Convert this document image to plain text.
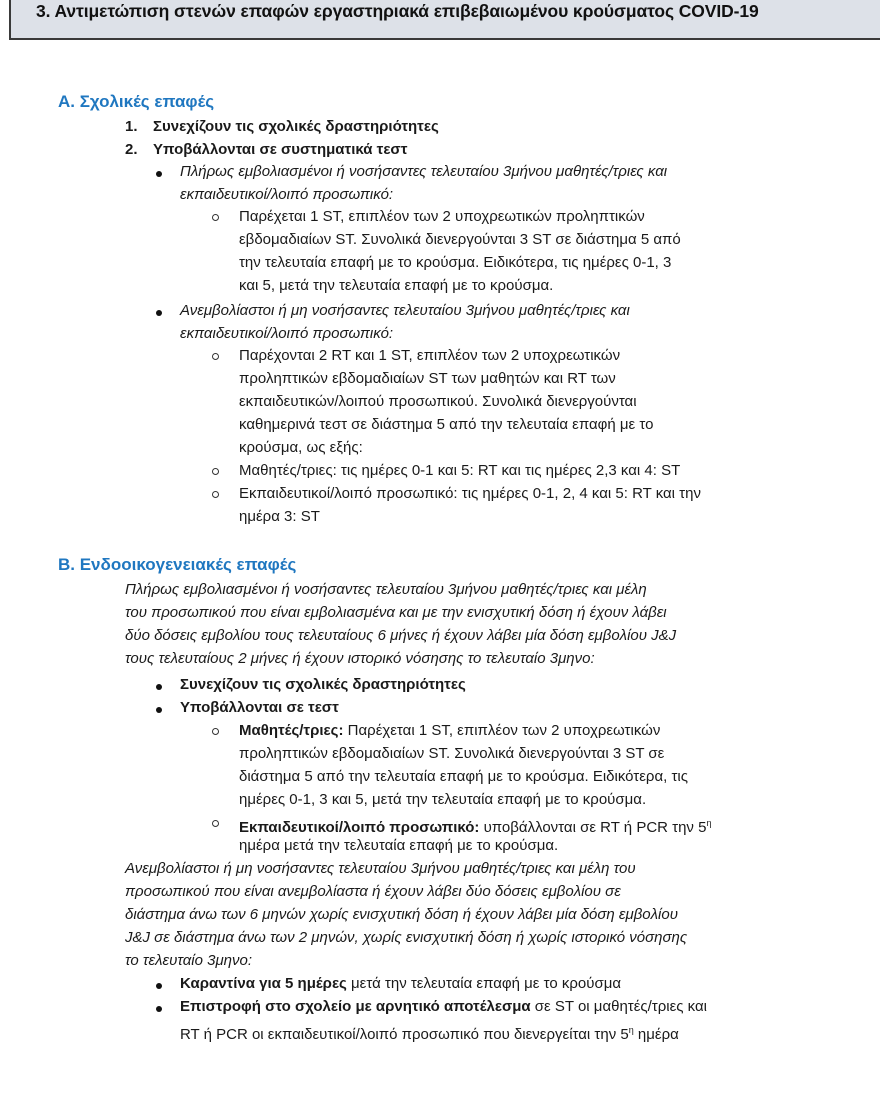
3. Αντιμετώπιση στενών επαφών εργαστηριακά επιβεβαιωμένου κρούσματος COVID-19
Α. Σχολικές επαφές
1. Συνεχίζουν τις σχολικές δραστηριότητες
2. Υποβάλλονται σε συστηματικά τεστ
Πλήρως εμβολιασμένοι ή νοσήσαντες τελευταίου 3μήνου μαθητές/τριες και
εκπαιδευτικοί/λοιπό προσωπικό:
Παρέχεται 1 ST, επιπλέον των 2 υποχρεωτικών προληπτικών
εβδομαδιαίων ST. Συνολικά διενεργούνται 3 ST σε διάστημα 5 από
την τελευταία επαφή με το κρούσμα. Ειδικότερα, τις ημέρες 0-1, 3
και 5, μετά την τελευταία επαφή με το κρούσμα.
Ανεμβολίαστοι ή μη νοσήσαντες τελευταίου 3μήνου μαθητές/τριες και
εκπαιδευτικοί/λοιπό προσωπικό:
Παρέχονται 2 RT και 1 ST, επιπλέον των 2 υποχρεωτικών
προληπτικών εβδομαδιαίων ST των μαθητών και RT των
εκπαιδευτικών/λοιπού προσωπικού. Συνολικά διενεργούνται
καθημερινά τεστ σε διάστημα 5 από την τελευταία επαφή με το
κρούσμα, ως εξής:
Μαθητές/τριες: τις ημέρες 0-1 και 5: RT και τις ημέρες 2,3 και 4: ST
Εκπαιδευτικοί/λοιπό προσωπικό: τις ημέρες 0-1, 2, 4 και 5: RT και την
ημέρα 3: ST
Β. Ενδοοικογενειακές επαφές
Πλήρως εμβολιασμένοι ή νοσήσαντες τελευταίου 3μήνου μαθητές/τριες και μέλη
του προσωπικού που είναι εμβολιασμένα και με την ενισχυτική δόση ή έχουν λάβει
δύο δόσεις εμβολίου τους τελευταίους 6 μήνες ή έχουν λάβει μία δόση εμβολίου J&J
τους τελευταίους 2 μήνες ή έχουν ιστορικό νόσησης το τελευταίο 3μηνο:
Συνεχίζουν τις σχολικές δραστηριότητες
Υποβάλλονται σε τεστ
Μαθητές/τριες: Παρέχεται 1 ST, επιπλέον των 2 υποχρεωτικών
προληπτικών εβδομαδιαίων ST. Συνολικά διενεργούνται 3 ST σε
διάστημα 5 από την τελευταία επαφή με το κρούσμα. Ειδικότερα, τις
ημέρες 0-1, 3 και 5, μετά την τελευταία επαφή με το κρούσμα.
Εκπαιδευτικοί/λοιπό προσωπικό: υποβάλλονται σε RT ή PCR την $5^\eta$
ημέρα μετά την τελευταία επαφή με το κρούσμα.
Ανεμβολίαστοι ή μη νοσήσαντες τελευταίου 3μήνου μαθητές/τριες και μέλη του
προσωπικού που είναι ανεμβολίαστα ή έχουν λάβει δύο δόσεις εμβολίου σε
διάστημα άνω των 6 μηνών χωρίς ενισχυτική δόση ή έχουν λάβει μία δόση εμβολίου
J&J σε διάστημα άνω των 2 μηνών, χωρίς ενισχυτική δόση ή χωρίς ιστορικό νόσησης
το τελευταίο 3μηνο:
Καραντίνα για 5 ημέρες μετά την τελευταία επαφή με το κρούσμα
Επιστροφή στο σχολείο με αρνητικό αποτέλεσμα σε ST οι μαθητές/τριες και
RT ή PCR οι εκπαιδευτικοί/λοιπό προσωπικό που διενεργείται την $5^\eta$ ημέρα
